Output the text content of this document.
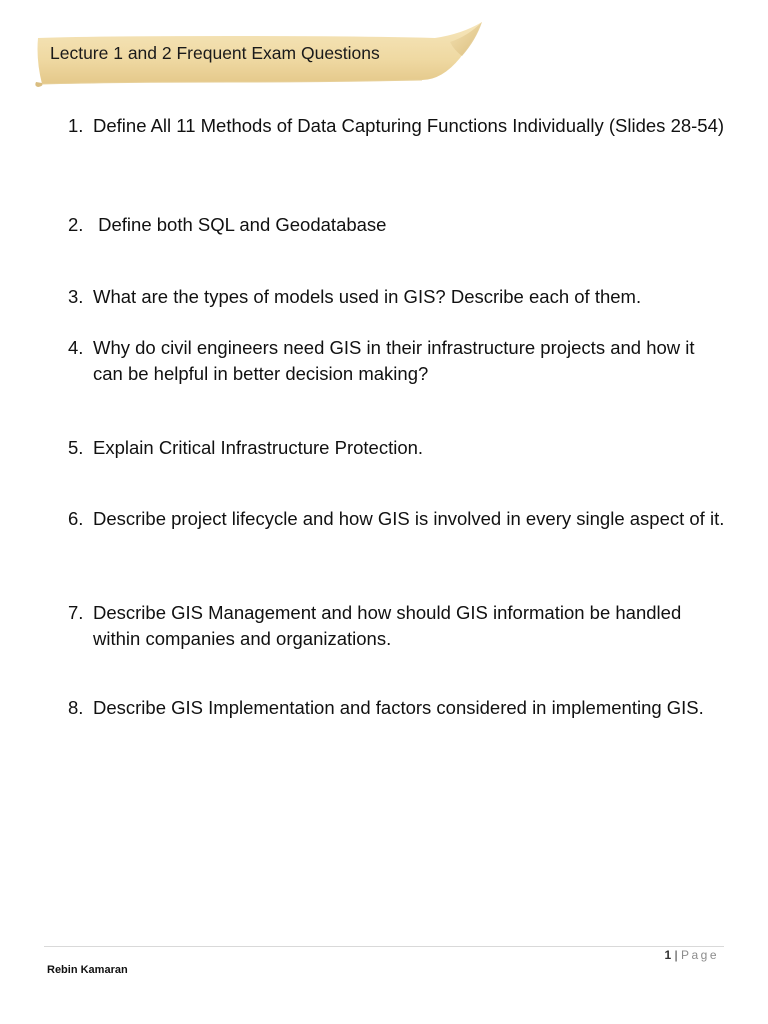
Lecture 1 and 2 Frequent Exam Questions
1. Define All 11 Methods of Data Capturing Functions Individually (Slides 28-54)
2. Define both SQL and Geodatabase
3. What are the types of models used in GIS? Describe each of them.
4. Why do civil engineers need GIS in their infrastructure projects and how it can be helpful in better decision making?
5. Explain Critical Infrastructure Protection.
6. Describe project lifecycle and how GIS is involved in every single aspect of it.
7. Describe GIS Management and how should GIS information be handled within companies and organizations.
8. Describe GIS Implementation and factors considered in implementing GIS.
1 | Page
Rebin Kamaran
